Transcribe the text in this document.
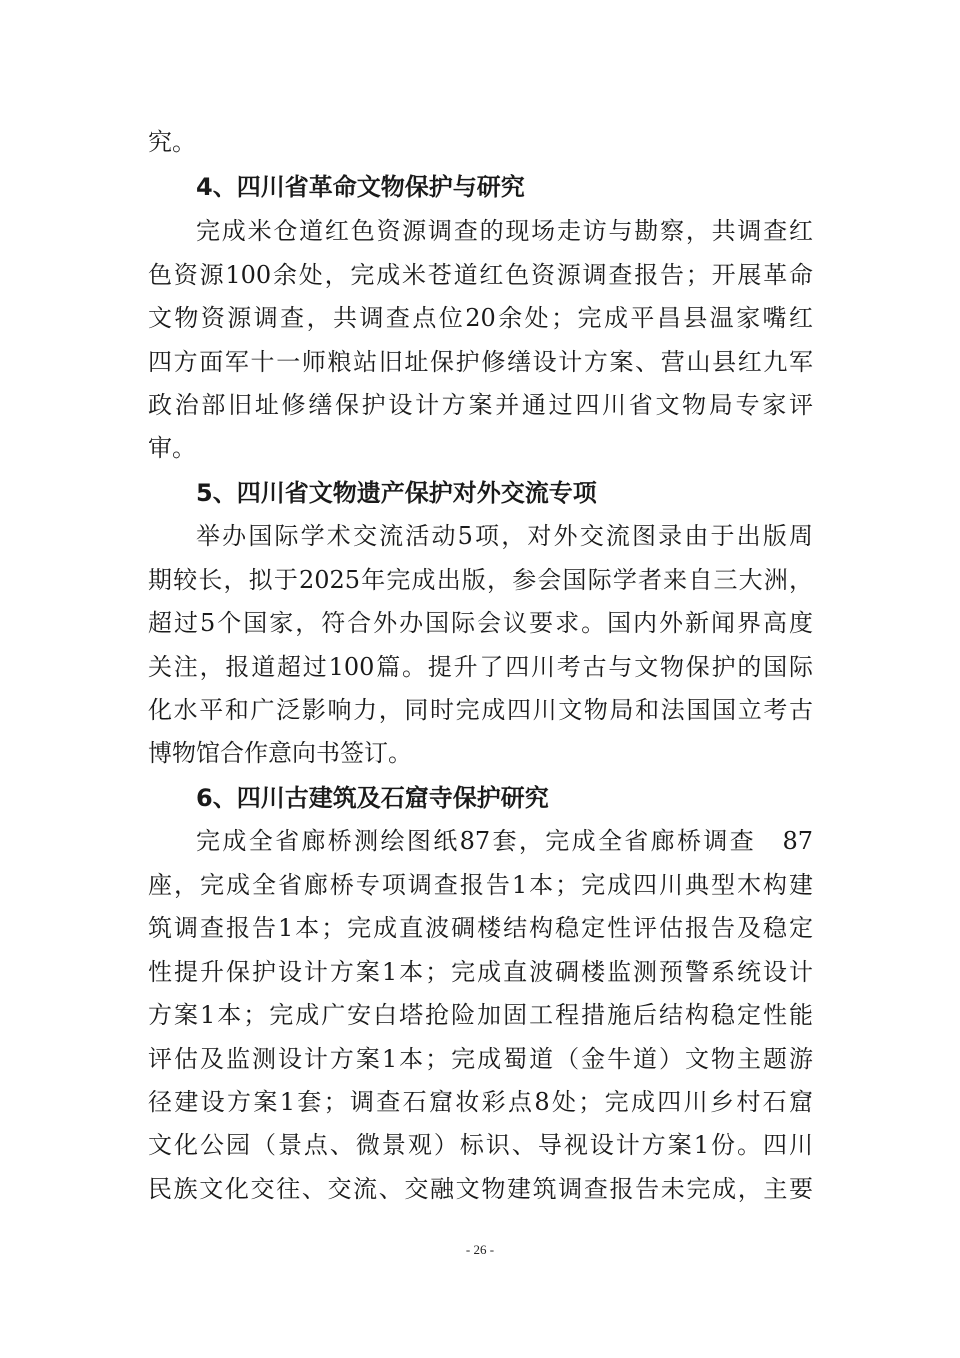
究。

4、四川省革命文物保护与研究

完成米仓道红色资源调查的现场走访与勘察，共调查红

色资源100余处，完成米苍道红色资源调查报告；开展革命

文物资源调查，共调查点位20余处；完成平昌县温家嘴红

四方面军十一师粮站旧址保护修缮设计方案、营山县红九军

政治部旧址修缮保护设计方案并通过四川省文物局专家评

审。

5、四川省文物遗产保护对外交流专项

举办国际学术交流活动5项，对外交流图录由于出版周

期较长，拟于2025年完成出版，参会国际学者来自三大洲，

超过5个国家，符合外办国际会议要求。国内外新闻界高度

关注，报道超过100篇。提升了四川考古与文物保护的国际

化水平和广泛影响力，同时完成四川文物局和法国国立考古

博物馆合作意向书签订。

6、四川古建筑及石窟寺保护研究

完成全省廊桥测绘图纸87套，完成全省廊桥调查　87

座，完成全省廊桥专项调查报告1本；完成四川典型木构建

筑调查报告1本；完成直波碉楼结构稳定性评估报告及稳定

性提升保护设计方案1本；完成直波碉楼监测预警系统设计

方案1本；完成广安白塔抢险加固工程措施后结构稳定性能

评估及监测设计方案1本；完成蜀道（金牛道）文物主题游

径建设方案1套；调查石窟妆彩点8处；完成四川乡村石窟

文化公园（景点、微景观）标识、导视设计方案1份。四川

民族文化交往、交流、交融文物建筑调查报告未完成，主要

- 26 -
